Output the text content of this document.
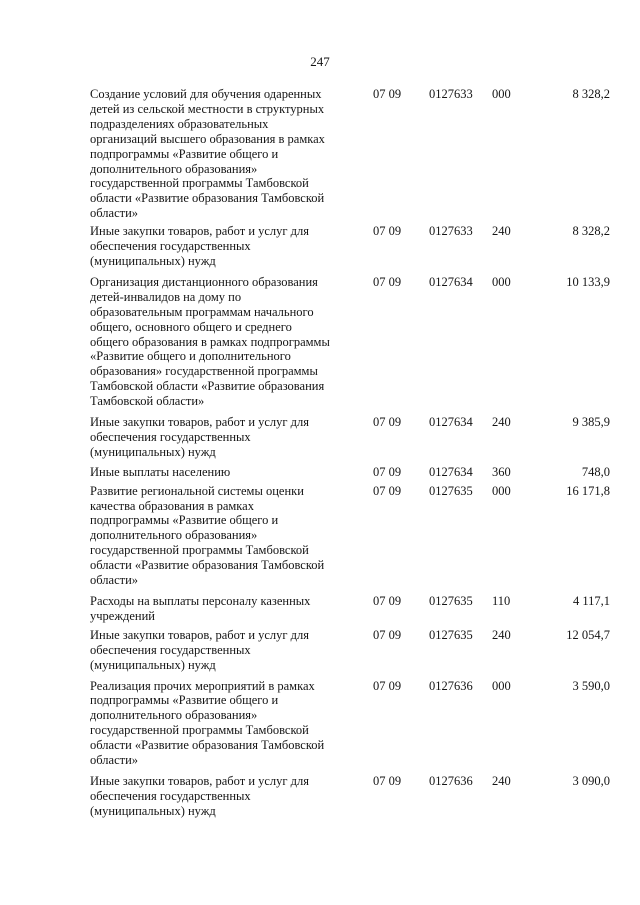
247
Создание условий для обучения одаренных
детей из сельской местности в структурных
подразделениях образовательных
организаций высшего образования в рамках
подпрограммы «Развитие общего и
дополнительного образования»
государственной программы Тамбовской
области «Развитие образования Тамбовской
области»
07 09 0127633 000	8 328,2
Иные закупки товаров, работ и услуг для
обеспечения государственных
(муниципальных) нужд
07 09 0127633 240	8 328,2
Организация дистанционного образования
детей-инвалидов на дому по
образовательным программам начального
общего, основного общего и среднего
общего образования в рамках подпрограммы
«Развитие общего и дополнительного
образования» государственной программы
Тамбовской области «Развитие образования
Тамбовской области»
07 09 0127634 000	10 133,9
Иные закупки товаров, работ и услуг для
обеспечения государственных
(муниципальных) нужд
07 09 0127634 240	9 385,9
Иные выплаты населению	07 09 0127634 360	748,0
Развитие региональной системы оценки
качества образования в рамках
подпрограммы «Развитие общего и
дополнительного образования»
государственной программы Тамбовской
области «Развитие образования Тамбовской
области»
07 09 0127635 000	16 171,8
Расходы на выплаты персоналу казенных
учреждений
07 09 0127635 110	4 117,1
Иные закупки товаров, работ и услуг для
обеспечения государственных
(муниципальных) нужд
07 09 0127635 240	12 054,7
Реализация прочих мероприятий в рамках
подпрограммы «Развитие общего и
дополнительного образования»
государственной программы Тамбовской
области «Развитие образования Тамбовской
области»
07 09 0127636 000	3 590,0
Иные закупки товаров, работ и услуг для
обеспечения государственных
(муниципальных) нужд
07 09 0127636 240	3 090,0
